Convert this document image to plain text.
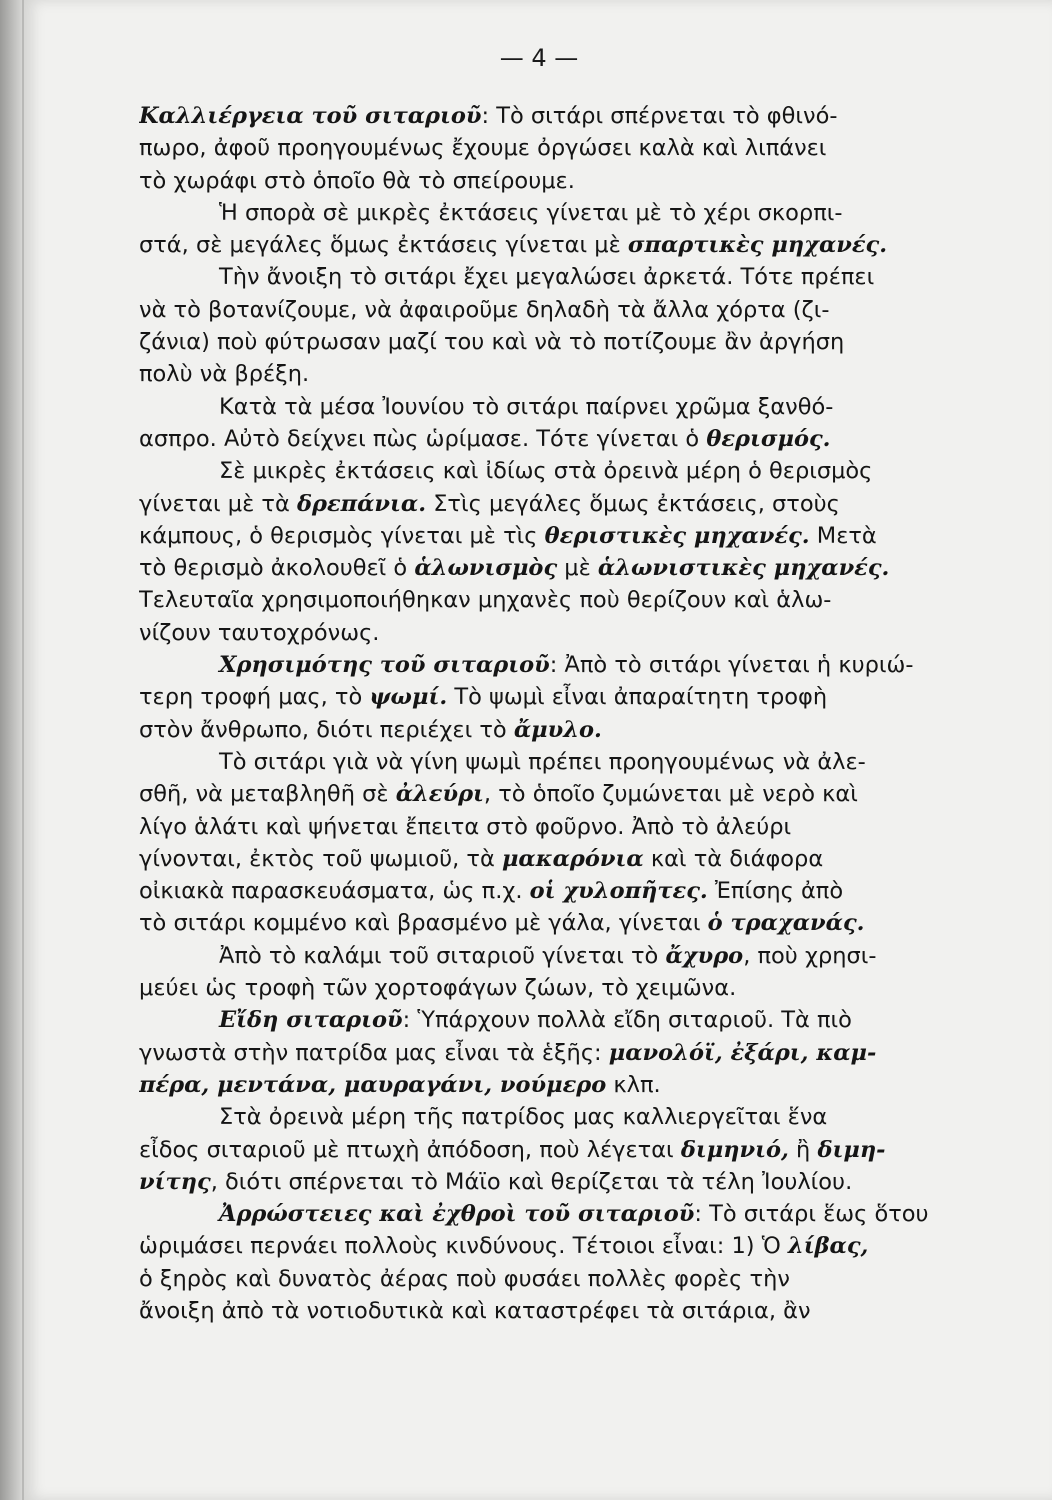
— 4 —
Καλλιέργεια τοῦ σιταριοῦ: Τὸ σιτάρι σπέρνεται τὸ φθινό-
πωρο, ἀφοῦ προηγουμένως ἔχουμε ὀργώσει καλὰ καὶ λιπάνει
τὸ χωράφι στὸ ὁποῖο θὰ τὸ σπείρουμε.
Ἡ σπορὰ σὲ μικρὲς ἐκτάσεις γίνεται μὲ τὸ χέρι σκορπι-
στά, σὲ μεγάλες ὅμως ἐκτάσεις γίνεται μὲ σπαρτικὲς μηχανές.
Τὴν ἄνοιξη τὸ σιτάρι ἔχει μεγαλώσει ἀρκετά. Τότε πρέπει
νὰ τὸ βοτανίζουμε, νὰ ἀφαιροῦμε δηλαδὴ τὰ ἄλλα χόρτα (ζι-
ζάνια) ποὺ φύτρωσαν μαζί του καὶ νὰ τὸ ποτίζουμε ἂν ἀργήση
πολὺ νὰ βρέξη.
Κατὰ τὰ μέσα Ἰουνίου τὸ σιτάρι παίρνει χρῶμα ξανθό-
ασπρο. Αὐτὸ δείχνει πὼς ὡρίμασε. Τότε γίνεται ὁ θερισμός.
Σὲ μικρὲς ἐκτάσεις καὶ ἰδίως στὰ ὀρεινὰ μέρη ὁ θερισμὸς
γίνεται μὲ τὰ δρεπάνια. Στὶς μεγάλες ὅμως ἐκτάσεις, στοὺς
κάμπους, ὁ θερισμὸς γίνεται μὲ τὶς θεριστικὲς μηχανές. Μετὰ
τὸ θερισμὸ ἀκολουθεῖ ὁ ἁλωνισμὸς μὲ ἁλωνιστικὲς μηχανές.
Τελευταῖα χρησιμοποιήθηκαν μηχανὲς ποὺ θερίζουν καὶ ἁλω-
νίζουν ταυτοχρόνως.
Χρησιμότης τοῦ σιταριοῦ: Ἀπὸ τὸ σιτάρι γίνεται ἡ κυριώ-
τερη τροφή μας, τὸ ψωμί. Τὸ ψωμὶ εἶναι ἀπαραίτητη τροφὴ
στὸν ἄνθρωπο, διότι περιέχει τὸ ἄμυλο.
Τὸ σιτάρι γιὰ νὰ γίνη ψωμὶ πρέπει προηγουμένως νὰ ἀλε-
σθῆ, νὰ μεταβληθῆ σὲ ἀλεύρι, τὸ ὁποῖο ζυμώνεται μὲ νερὸ καὶ
λίγο ἁλάτι καὶ ψήνεται ἔπειτα στὸ φοῦρνο. Ἀπὸ τὸ ἀλεύρι
γίνονται, ἐκτὸς τοῦ ψωμιοῦ, τὰ μακαρόνια καὶ τὰ διάφορα
οἰκιακὰ παρασκευάσματα, ὡς π.χ. οἱ χυλοπῆτες. Ἐπίσης ἀπὸ
τὸ σιτάρι κομμένο καὶ βρασμένο μὲ γάλα, γίνεται ὁ τραχανάς.
Ἀπὸ τὸ καλάμι τοῦ σιταριοῦ γίνεται τὸ ἄχυρο, ποὺ χρησι-
μεύει ὡς τροφὴ τῶν χορτοφάγων ζώων, τὸ χειμῶνα.
Εἴδη σιταριοῦ: Ὑπάρχουν πολλὰ εἴδη σιταριοῦ. Τὰ πιὸ
γνωστὰ στὴν πατρίδα μας εἶναι τὰ ἑξῆς: μανολόϊ, ἐξάρι, καμ-
πέρα, μεντάνα, μαυραγάνι, νούμερο κλπ.
Στὰ ὀρεινὰ μέρη τῆς πατρίδος μας καλλιεργεῖται ἕνα
εἶδος σιταριοῦ μὲ πτωχὴ ἀπόδοση, ποὺ λέγεται διμηνιό, ἢ διμη-
νίτης, διότι σπέρνεται τὸ Μάϊο καὶ θερίζεται τὰ τέλη Ἰουλίου.
Ἀρρώστειες καὶ ἐχθροὶ τοῦ σιταριοῦ: Τὸ σιτάρι ἕως ὅτου
ὡριμάσει περνάει πολλοὺς κινδύνους. Τέτοιοι εἶναι: 1) Ὁ λίβας,
ὁ ξηρὸς καὶ δυνατὸς ἀέρας ποὺ φυσάει πολλὲς φορὲς τὴν
ἄνοιξη ἀπὸ τὰ νοτιοδυτικὰ καὶ καταστρέφει τὰ σιτάρια, ἂν
